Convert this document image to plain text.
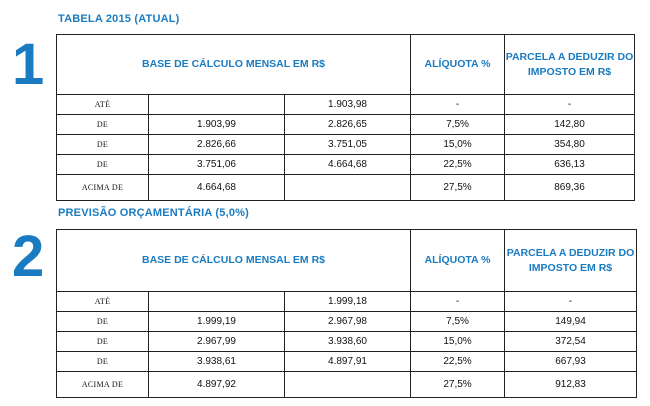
1
TABELA 2015 (ATUAL)
BASE DE CÁLCULO MENSAL EM R$			ALÍQUOTA %	PARCELA A DEDUZIR DO IMPOSTO EM R$
ATÉ		1.903,98	-	-
DE	1.903,99	2.826,65	7,5%	142,80
DE	2.826,66	3.751,05	15,0%	354,80
DE	3.751,06	4.664,68	22,5%	636,13
ACIMA DE	4.664,68		27,5%	869,36
2
PREVISÃO ORÇAMENTÁRIA (5,0%)
BASE DE CÁLCULO MENSAL EM R$			ALÍQUOTA %	PARCELA A DEDUZIR DO IMPOSTO EM R$
ATÉ		1.999,18	-	-
DE	1.999,19	2.967,98	7,5%	149,94
DE	2.967,99	3.938,60	15,0%	372,54
DE	3.938,61	4.897,91	22,5%	667,93
ACIMA DE	4.897,92		27,5%	912,83
